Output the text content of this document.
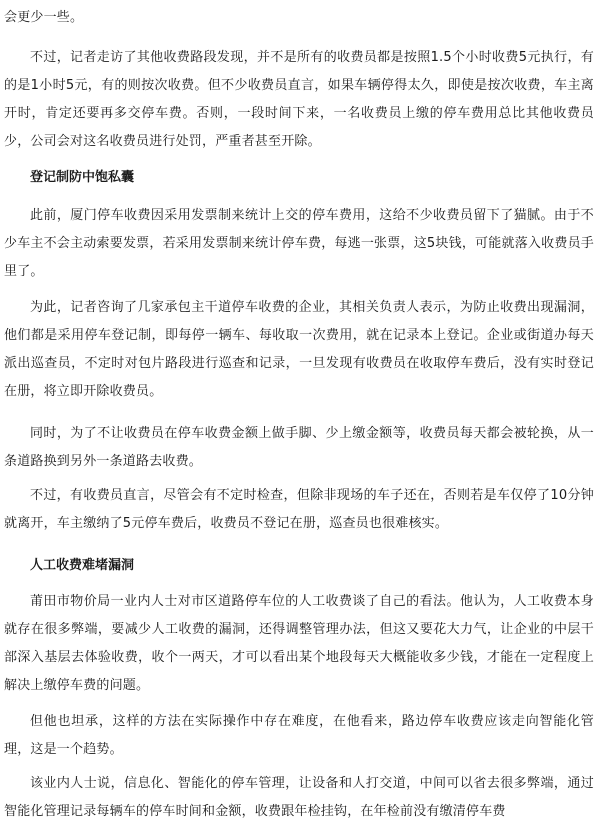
会更少一些。

不过，记者走访了其他收费路段发现，并不是所有的收费员都是按照1.5个小时收费5元执行，有的是1小时5元，有的则按次收费。但不少收费员直言，如果车辆停得太久，即使是按次收费，车主离开时，肯定还要再多交停车费。否则，一段时间下来，一名收费员上缴的停车费用总比其他收费员少，公司会对这名收费员进行处罚，严重者甚至开除。

登记制防中饱私囊

此前，厦门停车收费因采用发票制来统计上交的停车费用，这给不少收费员留下了猫腻。由于不少车主不会主动索要发票，若采用发票制来统计停车费，每逃一张票，这5块钱，可能就落入收费员手里了。

为此，记者咨询了几家承包主干道停车收费的企业，其相关负责人表示，为防止收费出现漏洞，他们都是采用停车登记制，即每停一辆车、每收取一次费用，就在记录本上登记。企业或街道办每天派出巡查员，不定时对包片路段进行巡查和记录，一旦发现有收费员在收取停车费后，没有实时登记在册，将立即开除收费员。

同时，为了不让收费员在停车收费金额上做手脚、少上缴金额等，收费员每天都会被轮换，从一条道路换到另外一条道路去收费。

不过，有收费员直言，尽管会有不定时检查，但除非现场的车子还在，否则若是车仅停了10分钟就离开，车主缴纳了5元停车费后，收费员不登记在册，巡查员也很难核实。

人工收费难堵漏洞

莆田市物价局一业内人士对市区道路停车位的人工收费谈了自己的看法。他认为，人工收费本身就存在很多弊端，要减少人工收费的漏洞，还得调整管理办法，但这又要花大力气，让企业的中层干部深入基层去体验收费，收个一两天，才可以看出某个地段每天大概能收多少钱，才能在一定程度上解决上缴停车费的问题。

但他也坦承，这样的方法在实际操作中存在难度，在他看来，路边停车收费应该走向智能化管理，这是一个趋势。

该业内人士说，信息化、智能化的停车管理，让设备和人打交道，中间可以省去很多弊端，通过智能化管理记录每辆车的停车时间和金额，收费跟年检挂钩，在年检前没有缴清停车费
